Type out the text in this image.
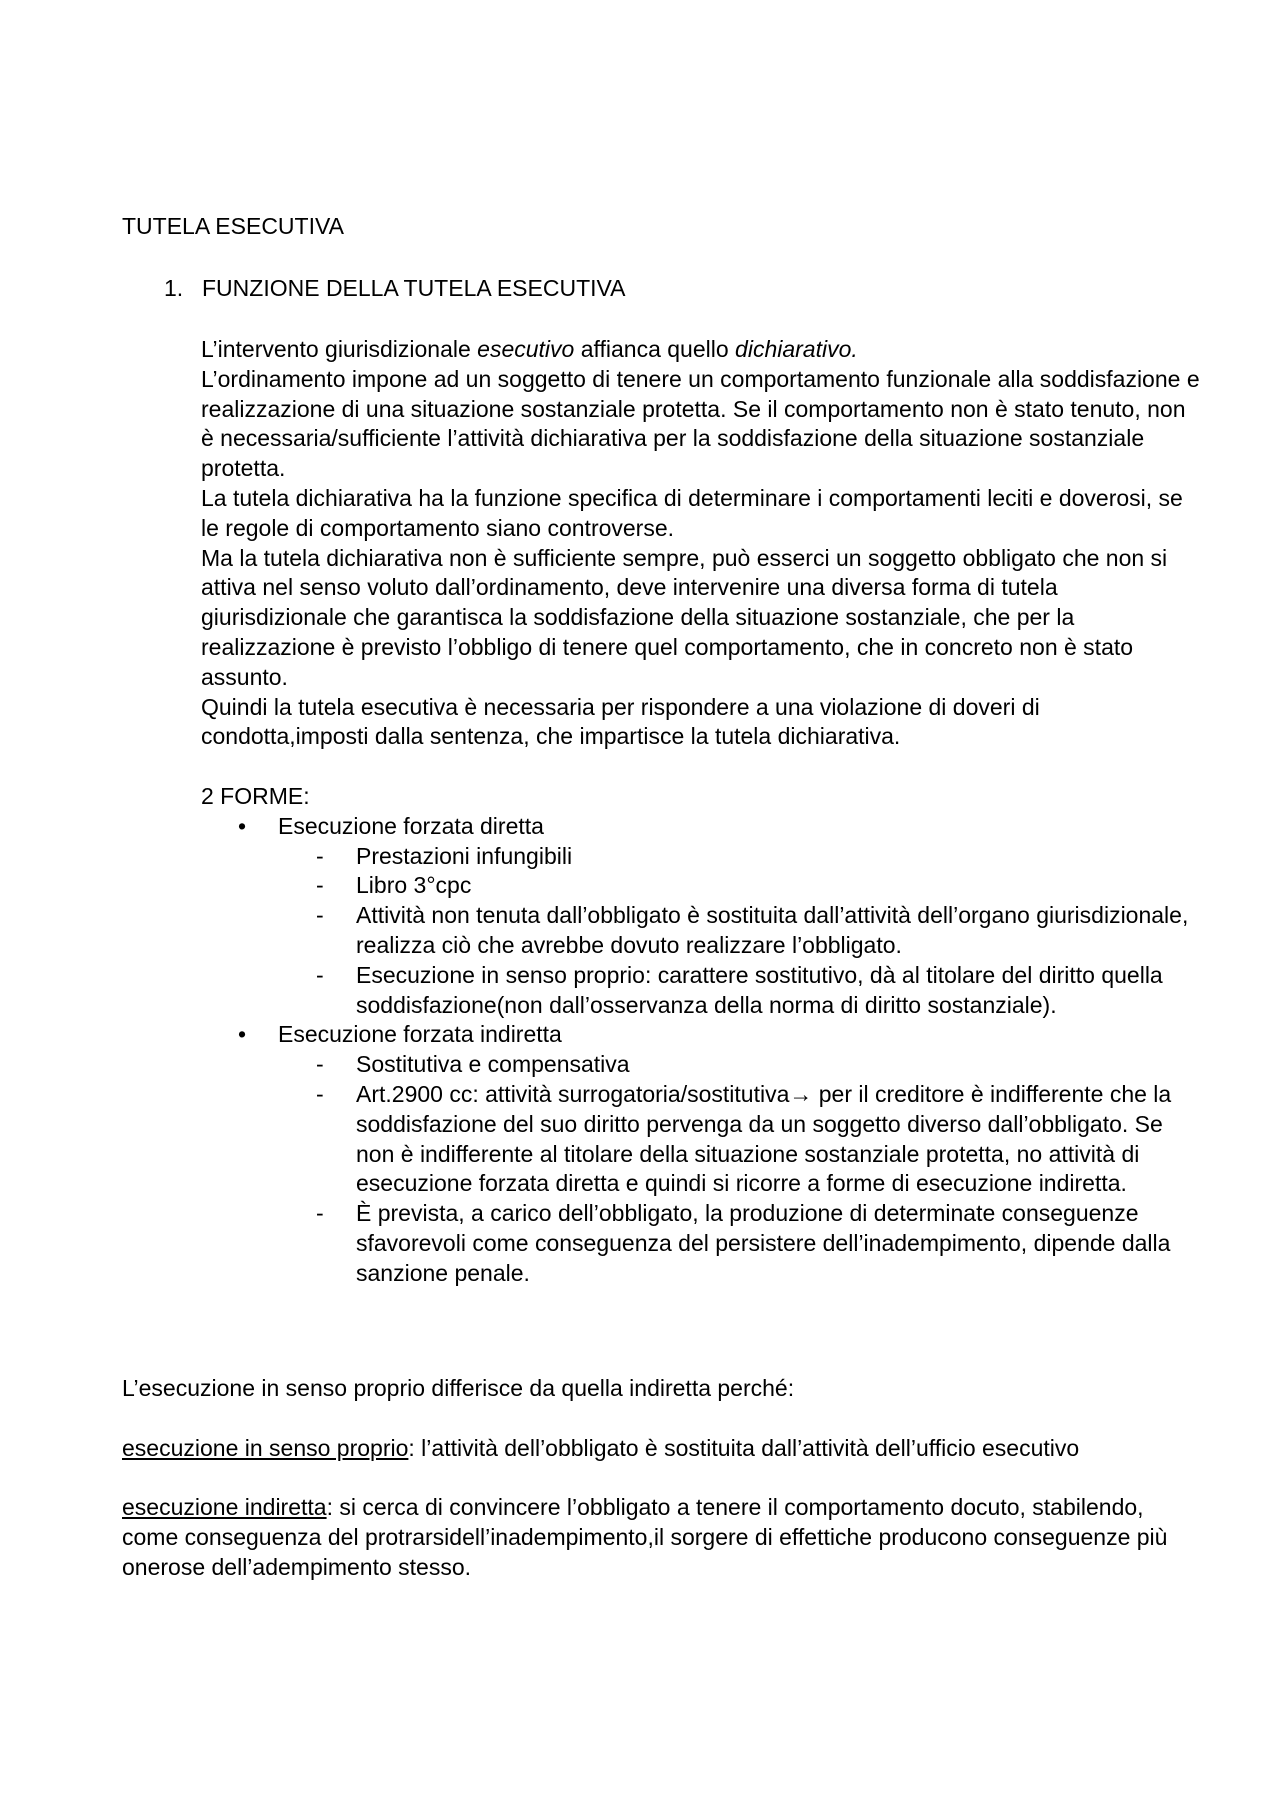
TUTELA ESECUTIVA

1. FUNZIONE DELLA TUTELA ESECUTIVA

L’intervento giurisdizionale esecutivo affianca quello dichiarativo.

L’ordinamento impone ad un soggetto di tenere un comportamento funzionale alla soddisfazione e realizzazione di una situazione sostanziale protetta. Se il comportamento non è stato tenuto, non è necessaria/sufficiente l’attività dichiarativa per la soddisfazione della situazione sostanziale protetta.

La tutela dichiarativa ha la funzione specifica di determinare i comportamenti leciti e doverosi, se le regole di comportamento siano controverse.

Ma la tutela dichiarativa non è sufficiente sempre, può esserci un soggetto obbligato che non si attiva nel senso voluto dall’ordinamento, deve intervenire una diversa forma di tutela giurisdizionale che garantisca la soddisfazione della situazione sostanziale, che per la realizzazione è previsto l’obbligo di tenere quel comportamento, che in concreto non è stato assunto.

Quindi la tutela esecutiva è necessaria per rispondere a una violazione di doveri di condotta,imposti dalla sentenza, che impartisce la tutela dichiarativa.

2 FORME:

• Esecuzione forzata diretta
- Prestazioni infungibili
- Libro 3°cpc
- Attività non tenuta dall’obbligato è sostituita dall’attività dell’organo giurisdizionale, realizza ciò che avrebbe dovuto realizzare l’obbligato.
- Esecuzione in senso proprio: carattere sostitutivo, dà al titolare del diritto quella soddisfazione(non dall’osservanza della norma di diritto sostanziale).
• Esecuzione forzata indiretta
- Sostitutiva e compensativa
- Art.2900 cc: attività surrogatoria/sostitutiva→ per il creditore è indifferente che la soddisfazione del suo diritto pervenga da un soggetto diverso dall’obbligato. Se non è indifferente al titolare della situazione sostanziale protetta, no attività di esecuzione forzata diretta e quindi si ricorre a forme di esecuzione indiretta.
- È prevista, a carico dell’obbligato, la produzione di determinate conseguenze sfavorevoli come conseguenza del persistere dell’inadempimento, dipende dalla sanzione penale.

L’esecuzione in senso proprio differisce da quella indiretta perché:

esecuzione in senso proprio: l’attività dell’obbligato è sostituita dall’attività dell’ufficio esecutivo

esecuzione indiretta: si cerca di convincere l’obbligato a tenere il comportamento docuto, stabilendo, come conseguenza del protrarsidell’inadempimento,il sorgere di effettiche producono conseguenze più onerose dell’adempimento stesso.
